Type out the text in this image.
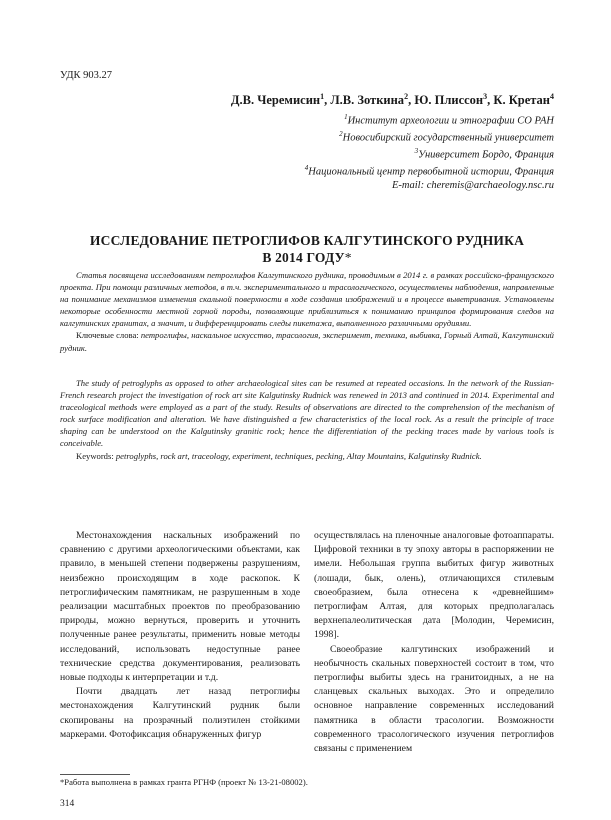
УДК 903.27
Д.В. Черемисин$^1$, Л.В. Зоткина$^2$, Ю. Плиссон$^3$, К. Кретан$^4$
$^1$Институт археологии и этнографии СО РАН
$^2$Новосибирский государственный университет
$^3$Университет Бордо, Франция
$^4$Национальный центр первобытной истории, Франция
E-mail: cheremis@archaeology.nsc.ru
ИССЛЕДОВАНИЕ ПЕТРОГЛИФОВ КАЛГУТИНСКОГО РУДНИКА
В 2014 ГОДУ*

Статья посвящена исследованиям петроглифов Калгутинского рудника, проводимым в 2014 г. в рамках российско-французского проекта. При помощи различных методов, в т.ч. экспериментального и трасологического, осуществлены наблюдения, направленные на понимание механизмов изменения скальной поверхности в ходе создания изображений и в процессе выветривания. Установлены некоторые особенности местной горной породы, позволяющие приблизиться к пониманию принципов формирования следов на калгутинских гранитах, а значит, и дифференцировать следы пикетажа, выполненного различными орудиями.

Ключевые слова: петроглифы, наскальное искусство, трасология, эксперимент, техника, выбивка, Горный Алтай, Калгутинский рудник.

The study of petroglyphs as opposed to other archaeological sites can be resumed at repeated occasions. In the network of the Russian-French research project the investigation of rock art site Kalgutinsky Rudnick was renewed in 2013 and continued in 2014. Experimental and traceological methods were employed as a part of the study. Results of observations are directed to the comprehension of the mechanism of rock surface modification and alteration. We have distinguished a few characteristics of the local rock. As a result the principle of trace shaping can be understood on the Kalgutinsky granitic rock; hence the differentiation of the pecking traces made by various tools is conceivable.

Keywords: petroglyphs, rock art, traceology, experiment, techniques, pecking, Altay Mountains, Kalgutinsky Rudnick.

Местонахождения наскальных изображений по сравнению с другими археологическими объектами, как правило, в меньшей степени подвержены разрушениям, неизбежно происходящим в ходе раскопок. К петроглифическим памятникам, не разрушенным в ходе реализации масштабных проектов по преобразованию природы, можно вернуться, проверить и уточнить полученные ранее результаты, применить новые методы исследований, использовать недоступные ранее технические средства документирования, реализовать новые подходы к интерпретации и т.д.

Почти двадцать лет назад петроглифы местонахождения Калгутинский рудник были скопированы на прозрачный полиэтилен стойкими маркерами. Фотофиксация обнаруженных фигур

осуществлялась на пленочные аналоговые фотоаппараты. Цифровой техники в ту эпоху авторы в распоряжении не имели. Небольшая группа выбитых фигур животных (лошади, бык, олень), отличающихся стилевым своеобразием, была отнесена к «древнейшим» петроглифам Алтая, для которых предполагалась верхнепалеолитическая дата [Молодин, Черемисин, 1998].

Своеобразие калгутинских изображений и необычность скальных поверхностей состоит в том, что петроглифы выбиты здесь на гранитоидных, а не на сланцевых скальных выходах. Это и определило основное направление современных исследований памятника в области трасологии. Возможности современного трасологического изучения петроглифов связаны с применением

*Работа выполнена в рамках гранта РГНФ (проект № 13-21-08002).
314
